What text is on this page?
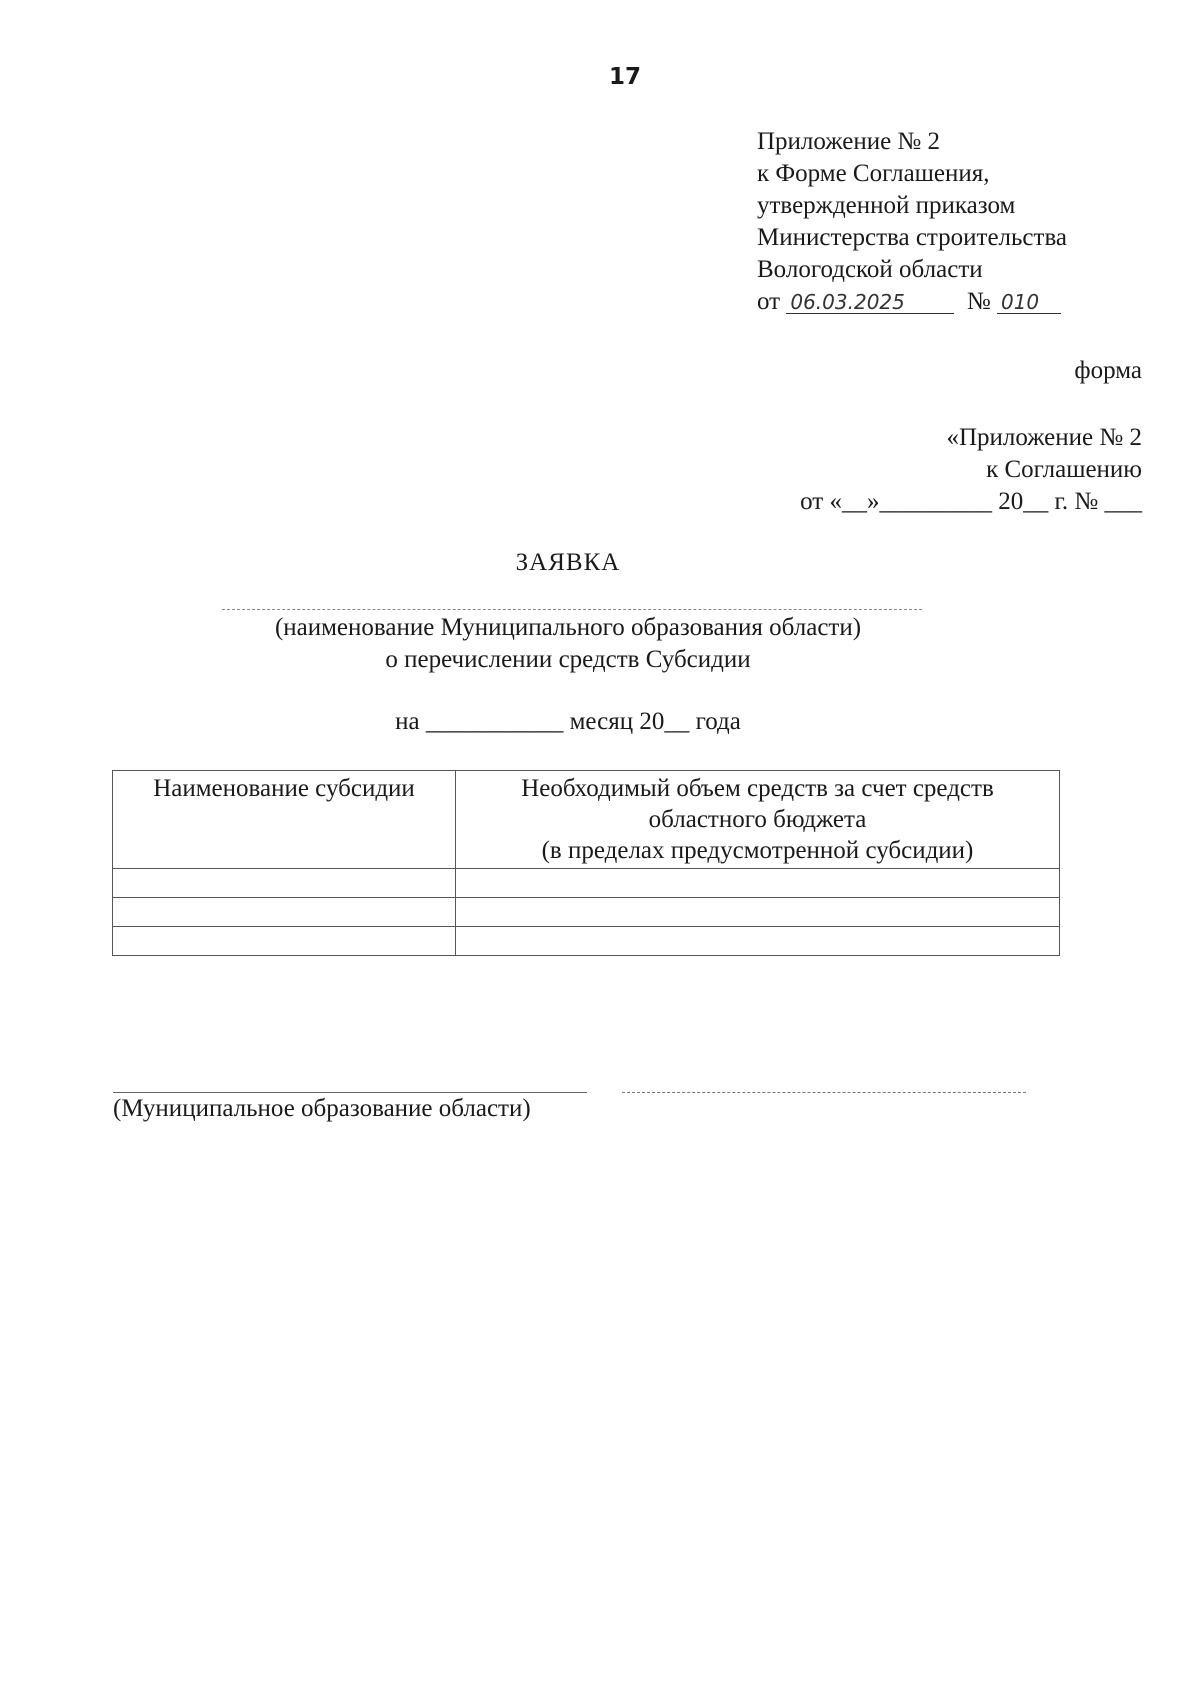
17
Приложение № 2
к Форме Соглашения,
утвержденной приказом
Министерства строительства
Вологодской области
от 06.03.2025 № 010
форма
«Приложение № 2
к Соглашению
от «__»_________ 20__ г. № ___
ЗАЯВКА
(наименование Муниципального образования области)
о перечислении средств Субсидии
на ___________ месяц 20__ года
Наименование субсидии	Необходимый объем средств за счет средств
областного бюджета
(в пределах предусмотренной субсидии)

(Муниципальное образование области)
